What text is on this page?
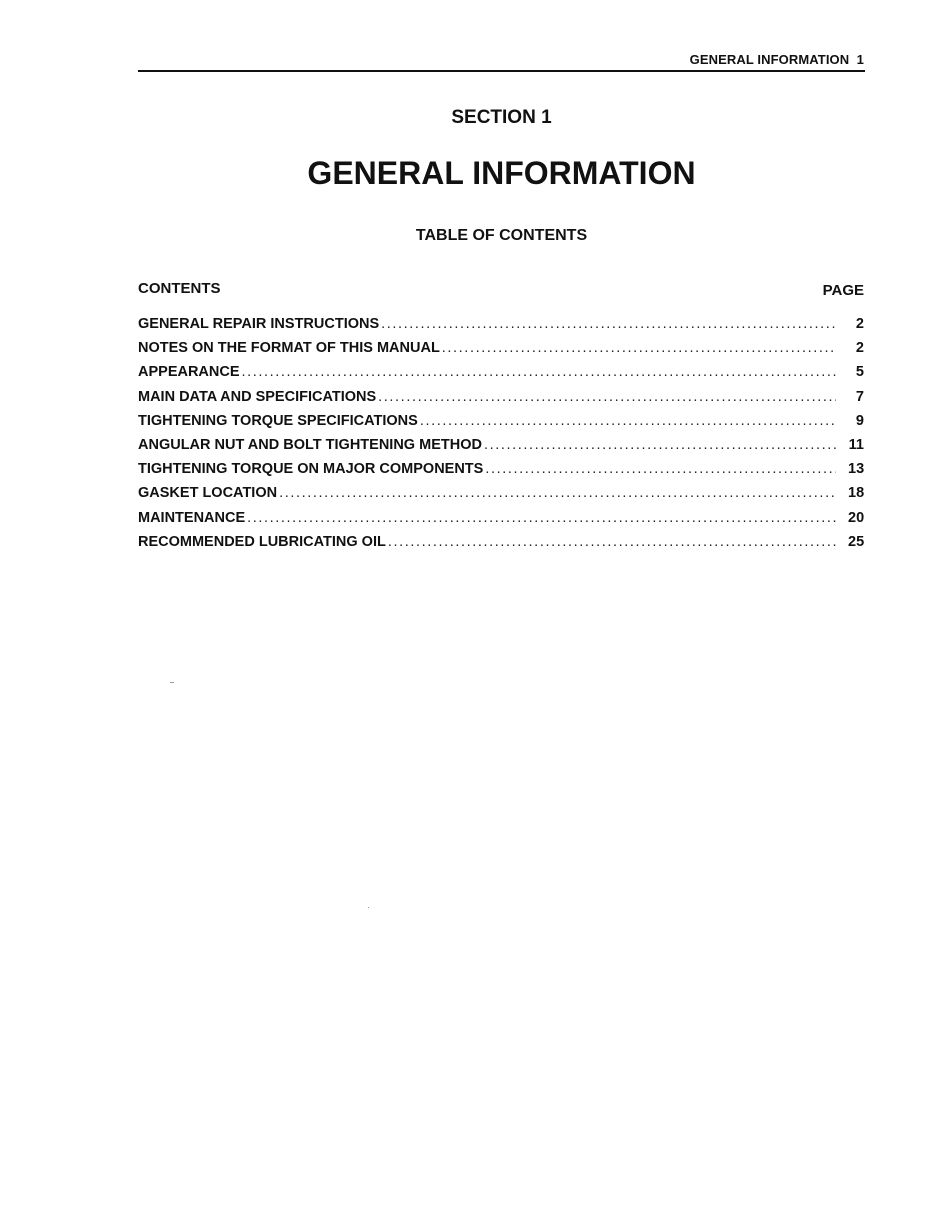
GENERAL INFORMATION  1
SECTION 1
GENERAL INFORMATION
TABLE OF CONTENTS
CONTENTS	PAGE
GENERAL REPAIR INSTRUCTIONS .....	2
NOTES ON THE FORMAT OF THIS MANUAL .....	2
APPEARANCE .....	5
MAIN DATA AND SPECIFICATIONS .....	7
TIGHTENING TORQUE SPECIFICATIONS .....	9
ANGULAR NUT AND BOLT TIGHTENING METHOD .....	11
TIGHTENING TORQUE ON MAJOR COMPONENTS .....	13
GASKET LOCATION .....	18
MAINTENANCE .....	20
RECOMMENDED LUBRICATING OIL .....	25
